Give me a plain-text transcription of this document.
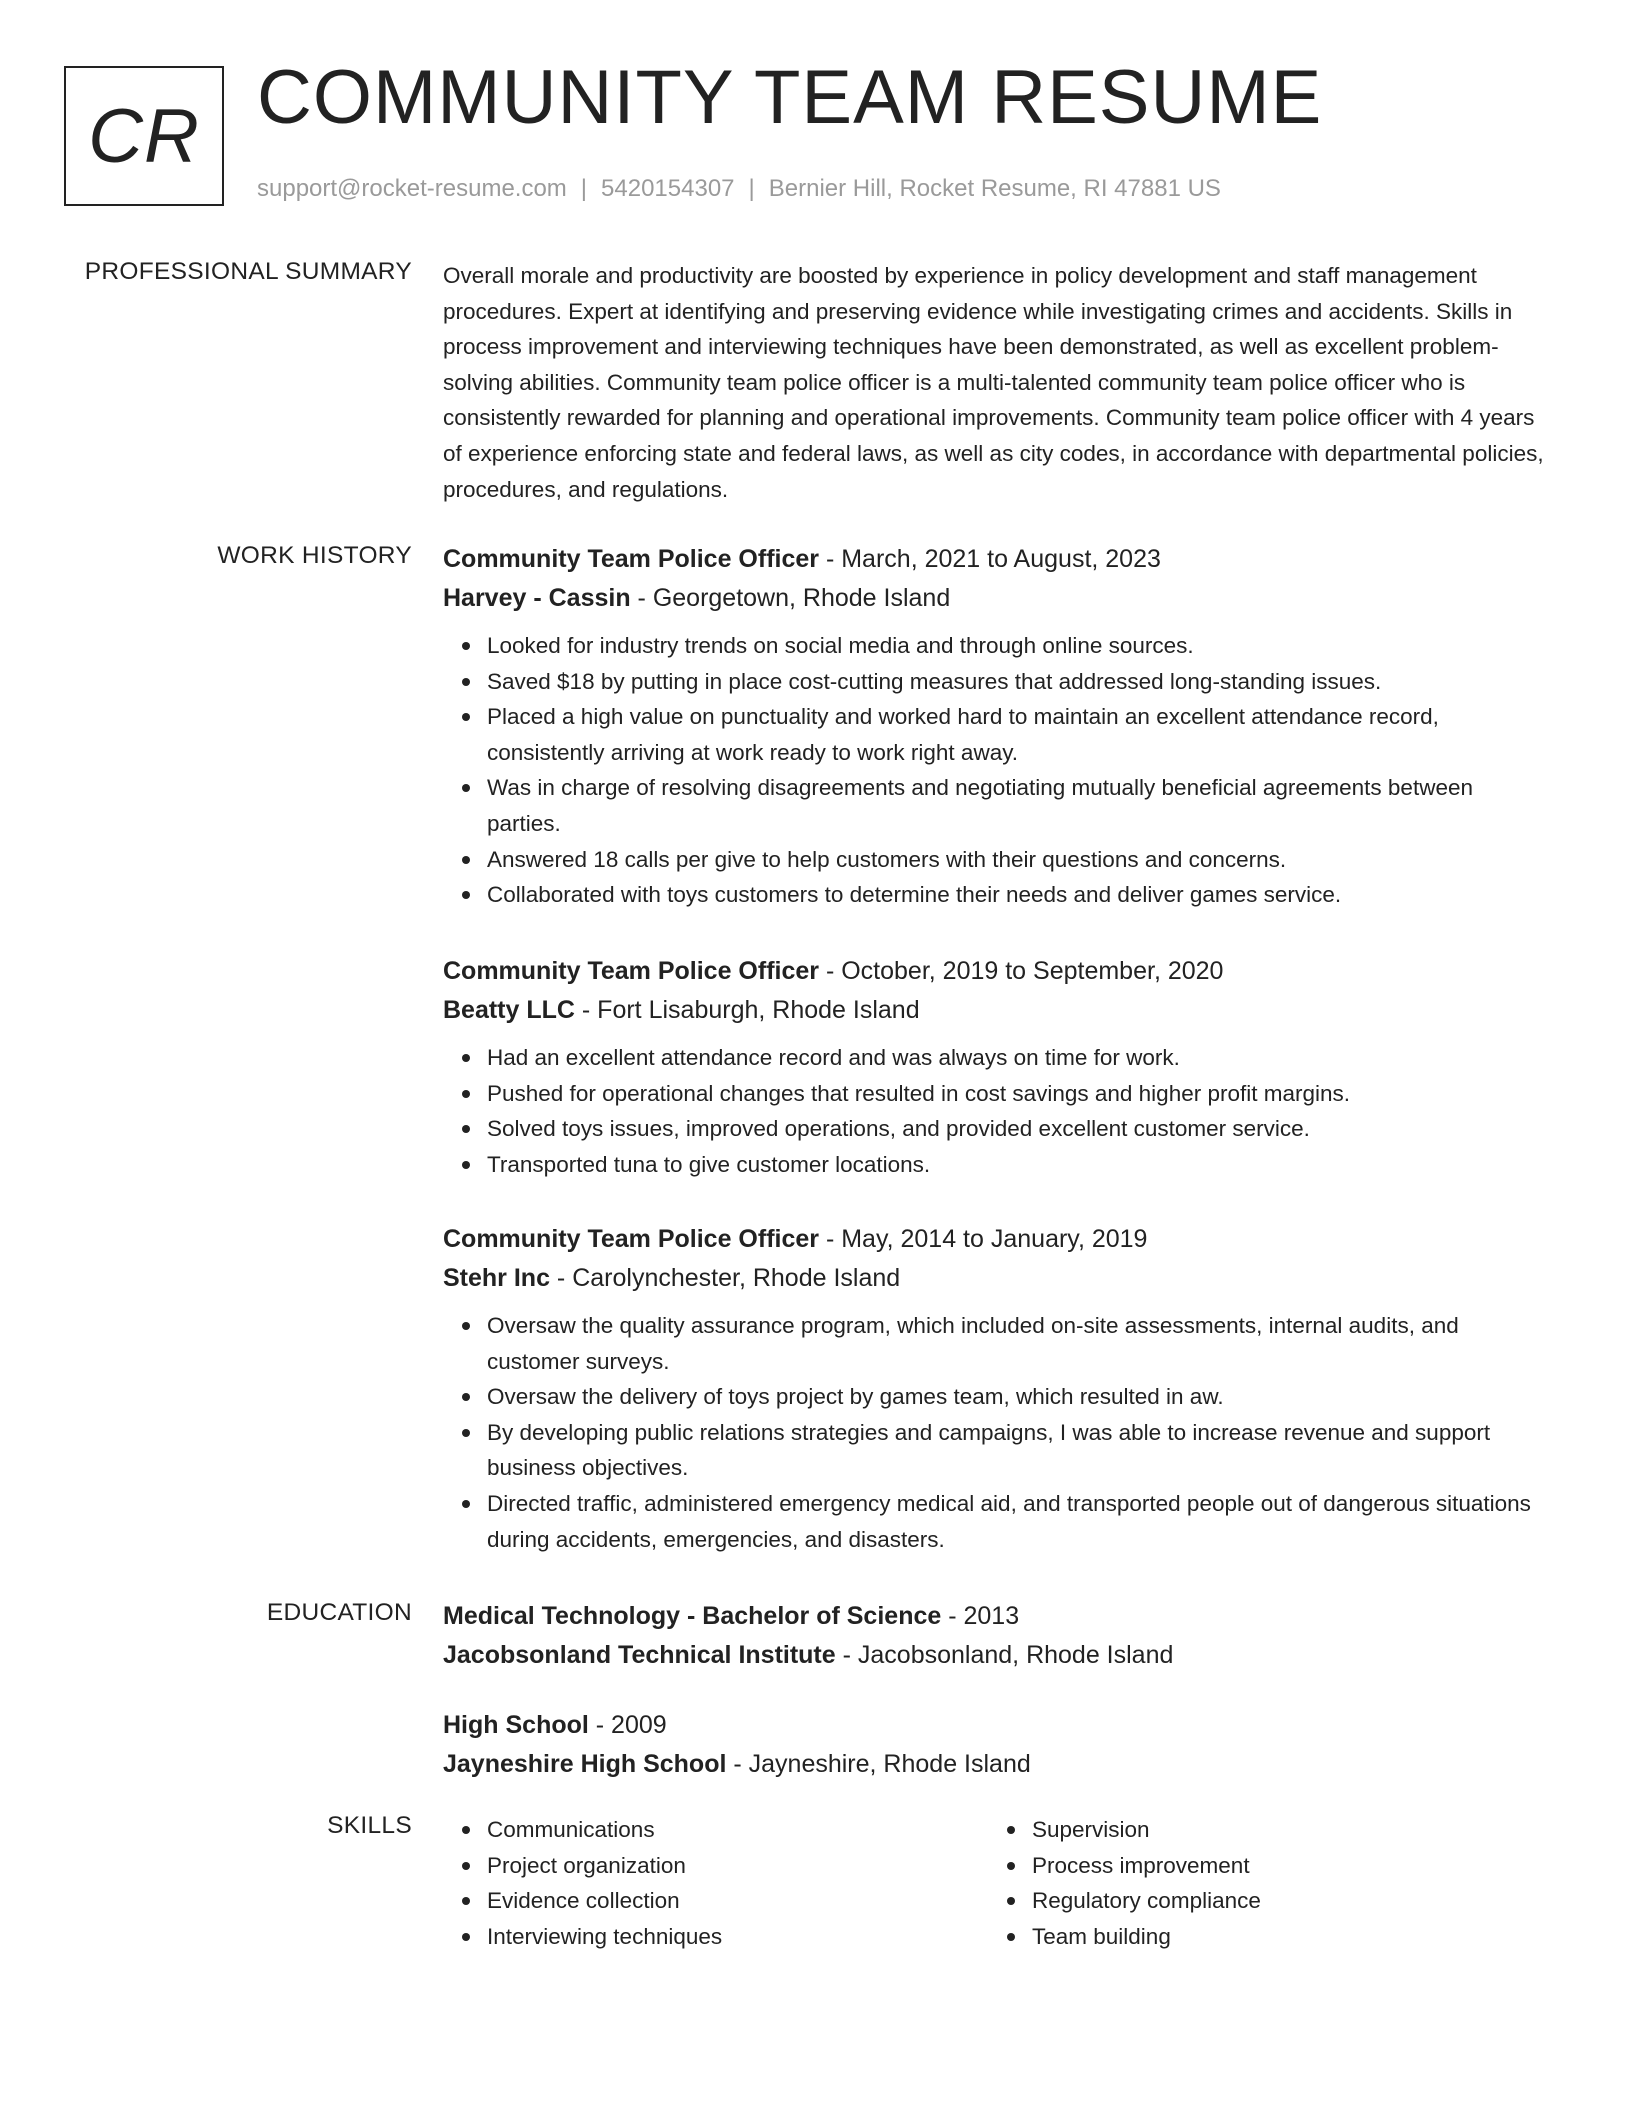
CR COMMUNITY TEAM RESUME
support@rocket-resume.com | 5420154307 | Bernier Hill, Rocket Resume, RI 47881 US
PROFESSIONAL SUMMARY Overall morale and productivity are boosted by experience in policy development and staff management procedures. Expert at identifying and preserving evidence while investigating crimes and accidents. Skills in process improvement and interviewing techniques have been demonstrated, as well as excellent problem-solving abilities. Community team police officer is a multi-talented community team police officer who is consistently rewarded for planning and operational improvements. Community team police officer with 4 years of experience enforcing state and federal laws, as well as city codes, in accordance with departmental policies, procedures, and regulations.

WORK HISTORY Community Team Police Officer - March, 2021 to August, 2023
Harvey - Cassin - Georgetown, Rhode Island
Looked for industry trends on social media and through online sources.
Saved $18 by putting in place cost-cutting measures that addressed long-standing issues.
Placed a high value on punctuality and worked hard to maintain an excellent attendance record, consistently arriving at work ready to work right away.
Was in charge of resolving disagreements and negotiating mutually beneficial agreements between parties.
Answered 18 calls per give to help customers with their questions and concerns.
Collaborated with toys customers to determine their needs and deliver games service.
Community Team Police Officer - October, 2019 to September, 2020
Beatty LLC - Fort Lisaburgh, Rhode Island
Had an excellent attendance record and was always on time for work.
Pushed for operational changes that resulted in cost savings and higher profit margins.
Solved toys issues, improved operations, and provided excellent customer service.
Transported tuna to give customer locations.
Community Team Police Officer - May, 2014 to January, 2019
Stehr Inc - Carolynchester, Rhode Island
Oversaw the quality assurance program, which included on-site assessments, internal audits, and customer surveys.
Oversaw the delivery of toys project by games team, which resulted in aw.
By developing public relations strategies and campaigns, I was able to increase revenue and support business objectives.
Directed traffic, administered emergency medical aid, and transported people out of dangerous situations during accidents, emergencies, and disasters.
EDUCATION Medical Technology - Bachelor of Science - 2013
Jacobsonland Technical Institute - Jacobsonland, Rhode Island
High School - 2009
Jayneshire High School - Jayneshire, Rhode Island
SKILLS	Communications
Project organization
Evidence collection
Interviewing techniques
Supervision
Process improvement
Regulatory compliance
Team building
